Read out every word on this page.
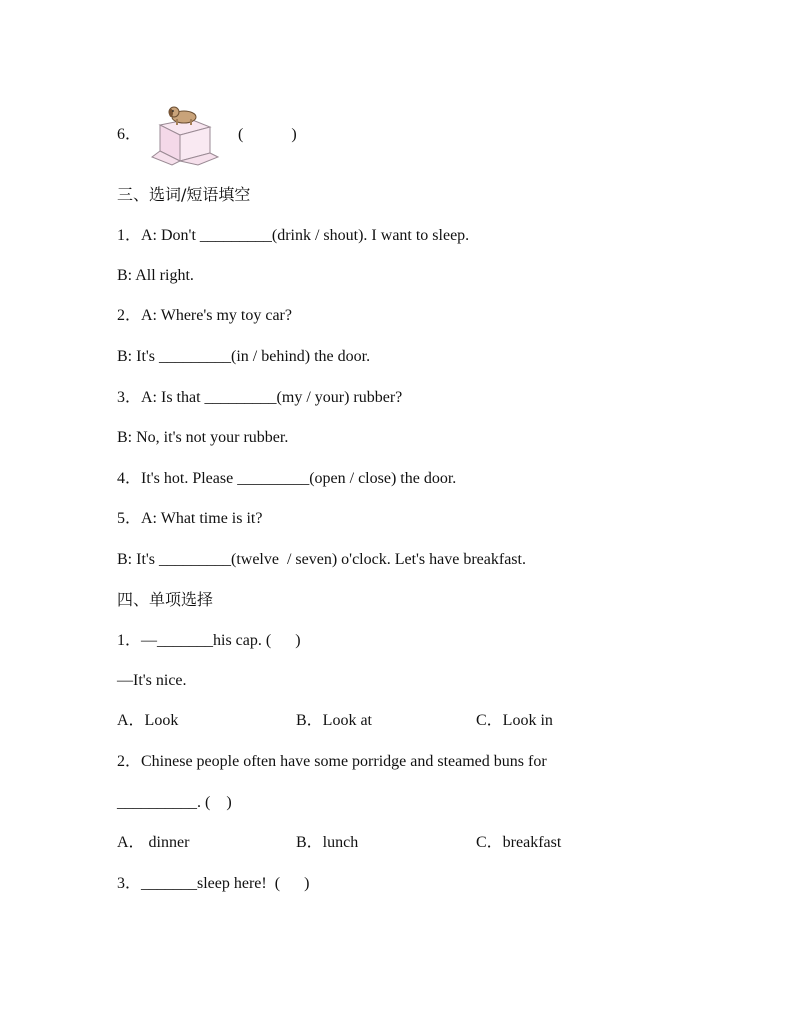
6．	(            )
三、选词/短语填空
1．A: Don't _________(drink / shout). I want to sleep.
B: All right.
2．A: Where's my toy car?
B: It's _________(in / behind) the door.
3．A: Is that _________(my / your) rubber?
B: No, it's not your rubber.
4．It's hot. Please _________(open / close) the door.
5．A: What time is it?
B: It's _________(twelve  / seven) o'clock. Let's have breakfast.
四、单项选择
1．—_______his cap. (      )
—It's nice.
A．Look	B．Look at	C．Look in
2．Chinese people often have some porridge and steamed buns for
__________. (    )
A． dinner	B．lunch	C．breakfast
3．_______sleep here!  (      )
